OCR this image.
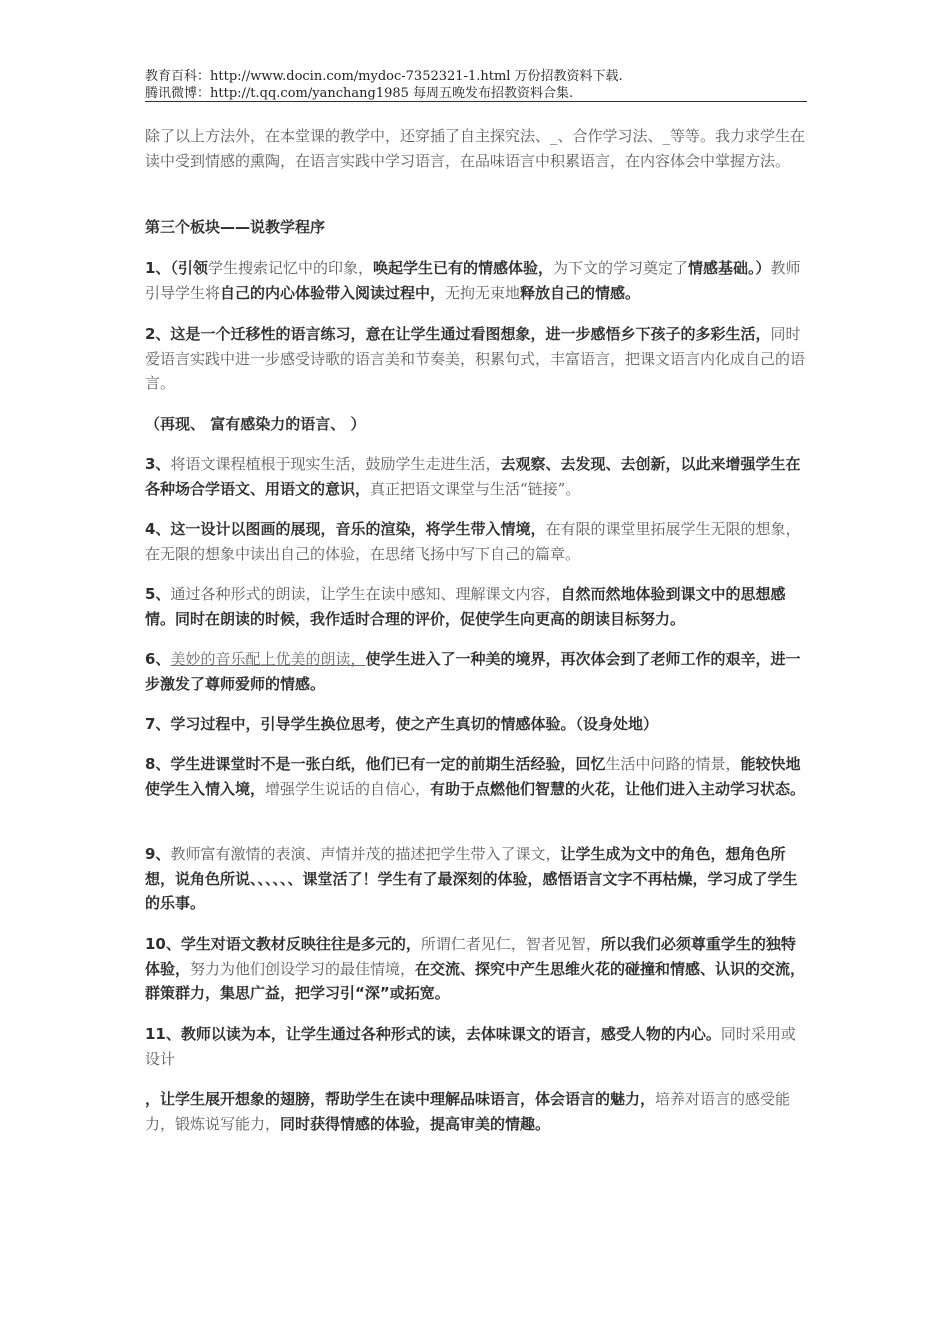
教育百科：http://www.docin.com/mydoc-7352321-1.html 万份招教资料下载.
腾讯微博：http://t.qq.com/yanchang1985 每周五晚发布招教资料合集.

除了以上方法外，在本堂课的教学中，还穿插了自主探究法、_、合作学习法、_等等。我力求学生在读中受到情感的熏陶，在语言实践中学习语言，在品味语言中积累语言，在内容体会中掌握方法。

第三个板块——说教学程序

1、（引领学生搜索记忆中的印象，唤起学生已有的情感体验，为下文的学习奠定了情感基础。）教师引导学生将自己的内心体验带入阅读过程中，无拘无束地释放自己的情感。

2、这是一个迁移性的语言练习，意在让学生通过看图想象，进一步感悟乡下孩子的多彩生活，同时爱语言实践中进一步感受诗歌的语言美和节奏美，积累句式，丰富语言，把课文语言内化成自己的语言。

（再现、 富有感染力的语言、 ）

3、将语文课程植根于现实生活，鼓励学生走进生活，去观察、去发现、去创新，以此来增强学生在各种场合学语文、用语文的意识，真正把语文课堂与生活“链接”。

4、这一设计以图画的展现，音乐的渲染，将学生带入情境，在有限的课堂里拓展学生无限的想象，在无限的想象中读出自己的体验，在思绪飞扬中写下自己的篇章。

5、通过各种形式的朗读，让学生在读中感知、理解课文内容，自然而然地体验到课文中的思想感情。同时在朗读的时候，我作适时合理的评价，促使学生向更高的朗读目标努力。

6、美妙的音乐配上优美的朗读，使学生进入了一种美的境界，再次体会到了老师工作的艰辛，进一步激发了尊师爱师的情感。

7、学习过程中，引导学生换位思考，使之产生真切的情感体验。（设身处地）

8、学生进课堂时不是一张白纸，他们已有一定的前期生活经验，回忆生活中问路的情景，能较快地使学生入情入境，增强学生说话的自信心，有助于点燃他们智慧的火花，让他们进入主动学习状态。

9、教师富有激情的表演、声情并茂的描述把学生带入了课文，让学生成为文中的角色，想角色所想，说角色所说、、、、、、课堂活了！学生有了最深刻的体验，感悟语言文字不再枯燥，学习成了学生的乐事。

10、学生对语文教材反映往往是多元的，所谓仁者见仁，智者见智，所以我们必须尊重学生的独特体验，努力为他们创设学习的最佳情境，在交流、探究中产生思维火花的碰撞和情感、认识的交流，群策群力，集思广益，把学习引“深”或拓宽。

11、教师以读为本，让学生通过各种形式的读，去体味课文的语言，感受人物的内心。同时采用或设计

，让学生展开想象的翅膀，帮助学生在读中理解品味语言，体会语言的魅力，培养对语言的感受能力，锻炼说写能力，同时获得情感的体验，提高审美的情趣。
